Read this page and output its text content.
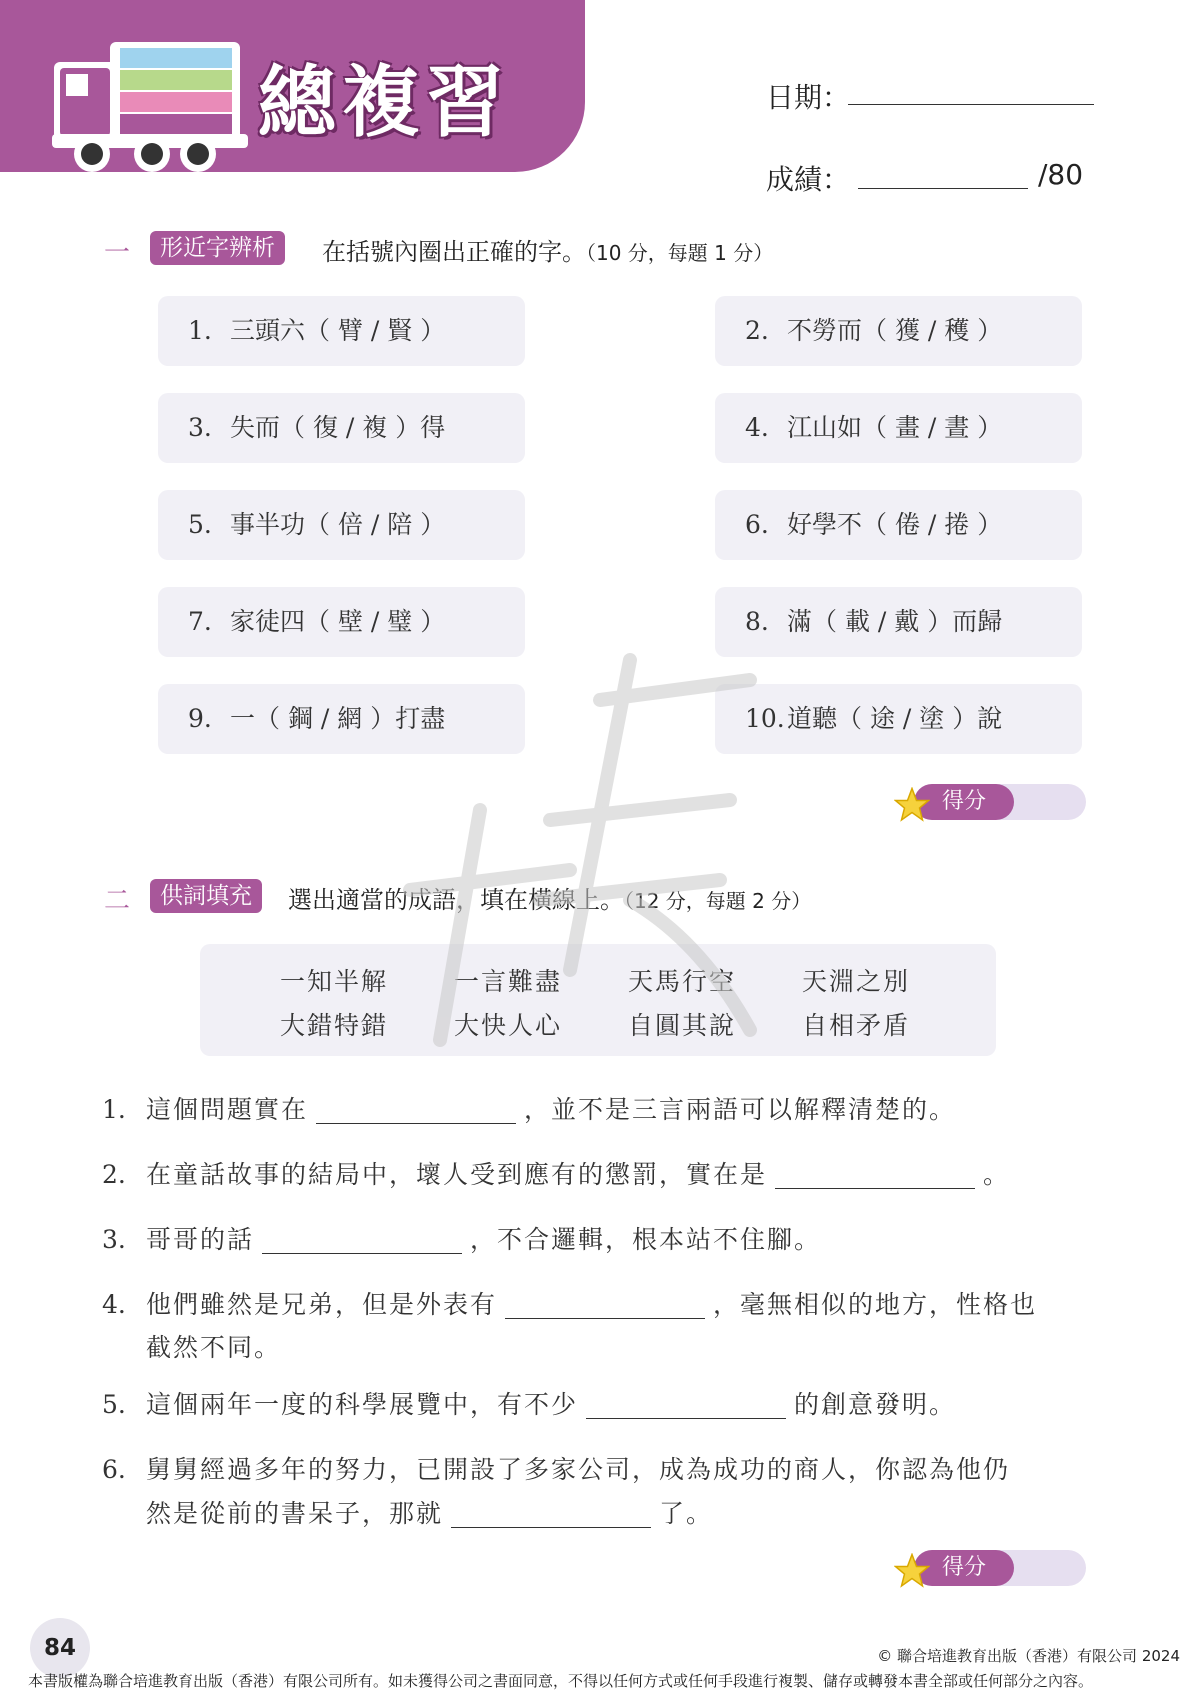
總複習	日期：
成績：	/80
一	形近字辨析	在括號內圈出正確的字。（10 分，每題 1 分）
1. 三頭六（ 臂 / 賢 ）	2. 不勞而（ 獲 / 穫 ）
3. 失而（ 復 / 複 ）得	4. 江山如（ 畫 / 晝 ）
5. 事半功（ 倍 / 陪 ）	6. 好學不（ 倦 / 捲 ）
7. 家徒四（ 壁 / 璧 ）	8. 滿（ 載 / 戴 ）而歸
9. 一（ 鋼 / 網 ）打盡	10.道聽（ 途 / 塗 ）說
得分
二	供詞填充	選出適當的成語，填在橫線上。（12 分，每題 2 分）
一知半解	一言難盡	天馬行空	天淵之別
大錯特錯	大快人心	自圓其說	自相矛盾
1. 這個問題實在	，並不是三言兩語可以解釋清楚的。
2. 在童話故事的結局中，壞人受到應有的懲罰，實在是	。
3. 哥哥的話	，不合邏輯，根本站不住腳。
4. 他們雖然是兄弟，但是外表有	，毫無相似的地方，性格也
截然不同。
5. 這個兩年一度的科學展覽中，有不少	的創意發明。
6. 舅舅經過多年的努力，已開設了多家公司，成為成功的商人，你認為他仍
然是從前的書呆子，那就	了。
得分
84	© 聯合培進教育出版（香港）有限公司 2024
本書版權為聯合培進教育出版（香港）有限公司所有。如未獲得公司之書面同意，不得以任何方式或任何手段進行複製、儲存或轉發本書全部或任何部分之內容。
